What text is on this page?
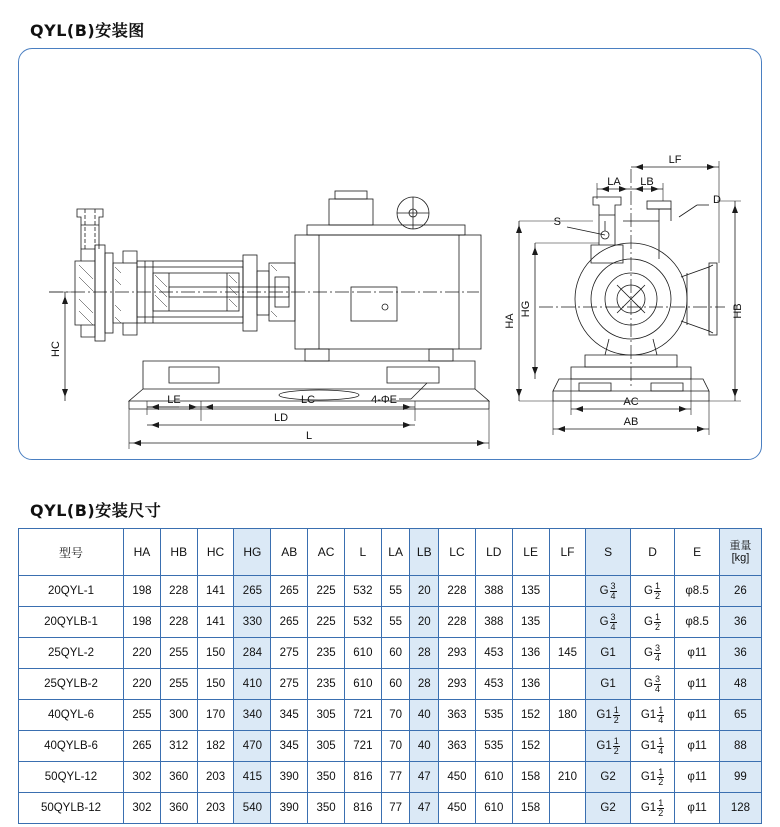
QYL(B)安装图
HC
LE	LC
LD
L
4-ΦE
LF
LA LB
D
S
HG
HA
HB
AC
AB
QYL(B)安装尺寸
型号	HA	HB	HC	HG	AB	AC	L	LA	LB	LC	LD	LE	LF	S	D	E	重量
[kg]

20QYL-1	198	228	141	265	265	225	532	55	20	228	388	135		G $\frac{3}{4}$	G $\frac{1}{2}$	φ8.5	26
20QYLB-1	198	228	141	330	265	225	532	55	20	228	388	135		G $\frac{3}{4}$	G $\frac{1}{2}$	φ8.5	36
25QYL-2	220	255	150	284	275	235	610	60	28	293	453	136	145	G1	G $\frac{3}{4}$	φ11	36
25QYLB-2	220	255	150	410	275	235	610	60	28	293	453	136		G1	G $\frac{3}{4}$	φ11	48
40QYL-6	255	300	170	340	345	305	721	70	40	363	535	152	180	$G1 \frac{1}{2}$	$G1 \frac{1}{4}$	φ11	65
40QYLB-6	265	312	182	470	345	305	721	70	40	363	535	152		$G1 \frac{1}{2}$	$G1 \frac{1}{4}$	φ11	88
50QYL-12	302	360	203	415	390	350	816	77	47	450	610	158	210	G2	$G1 \frac{1}{2}$	φ11	99
50QYLB-12	302	360	203	540	390	350	816	77	47	450	610	158		G2	$G1 \frac{1}{2}$	φ11	128
